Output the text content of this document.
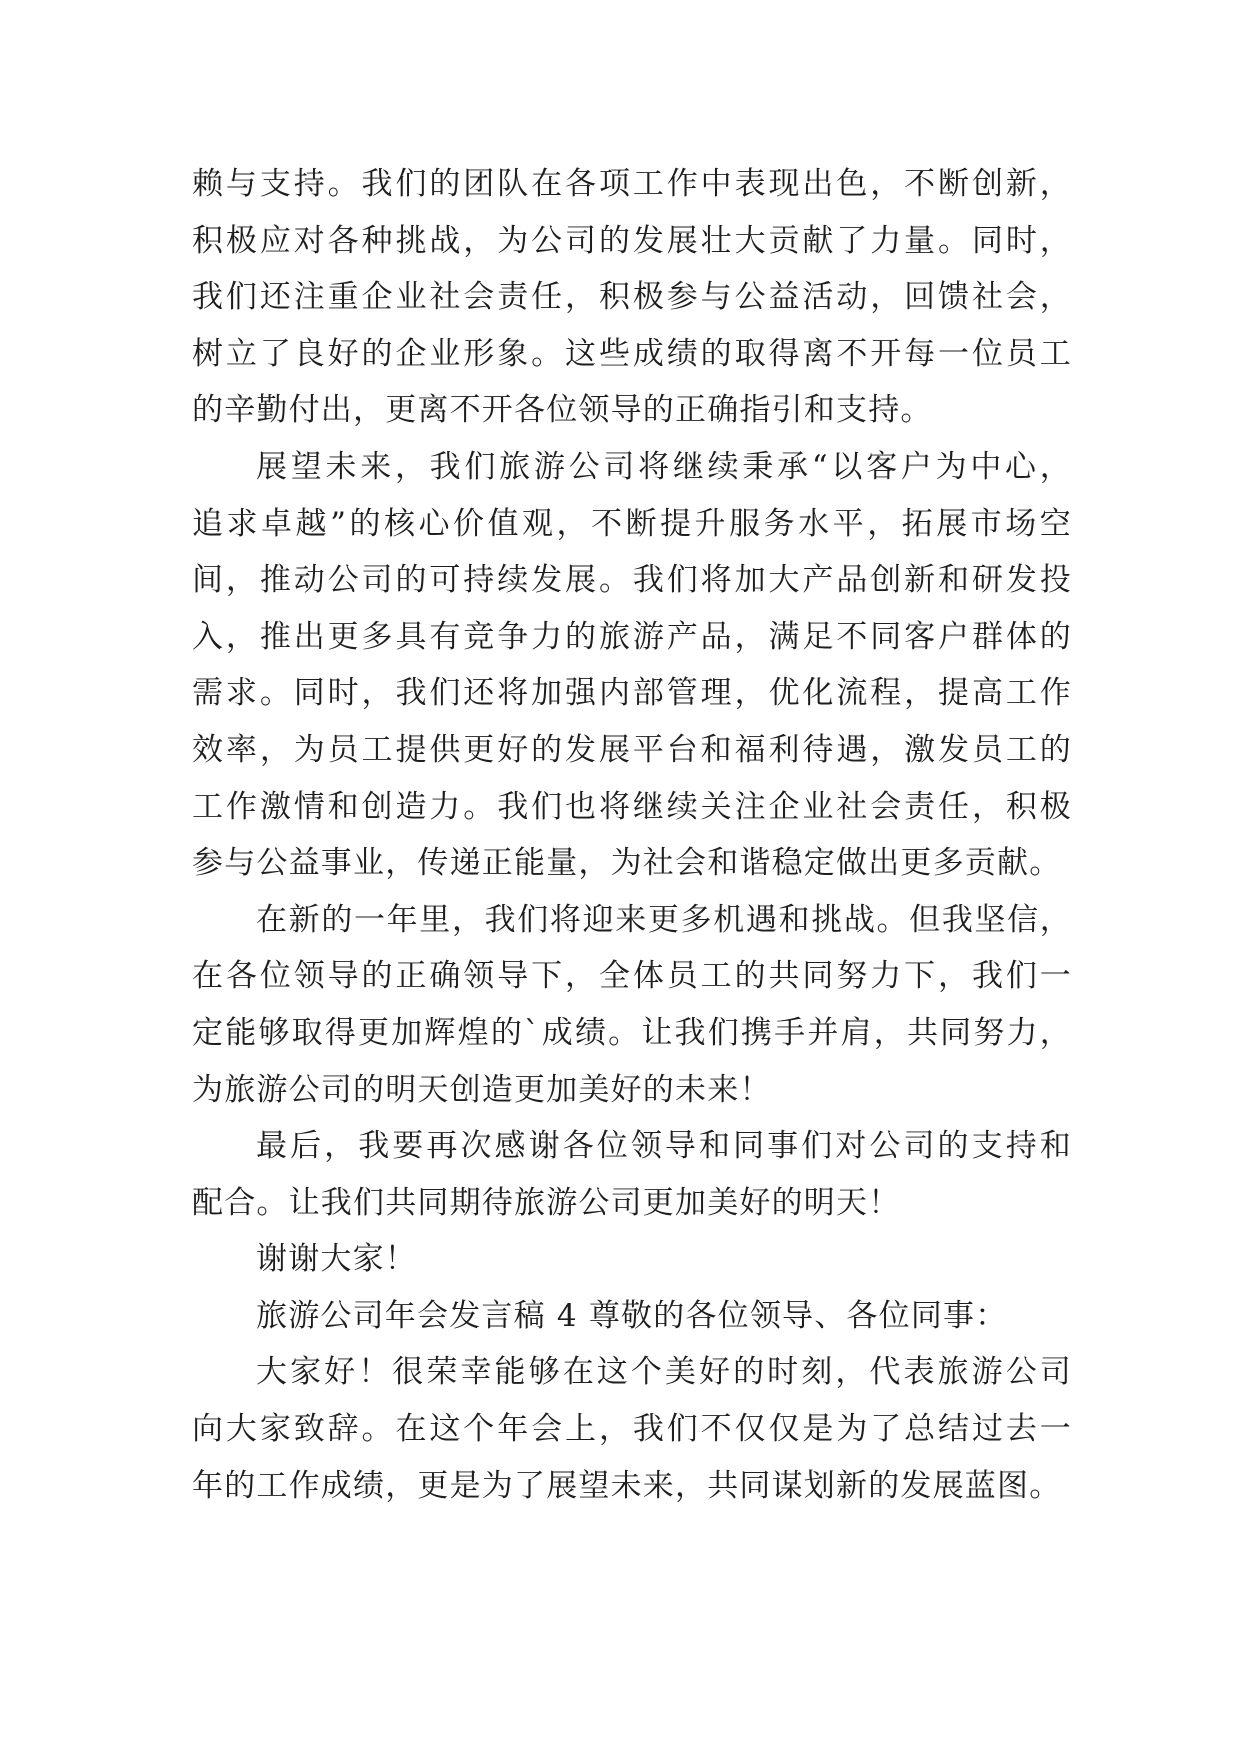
赖与支持。我们的团队在各项工作中表现出色，不断创新，
积极应对各种挑战，为公司的发展壮大贡献了力量。同时，
我们还注重企业社会责任，积极参与公益活动，回馈社会，
树立了良好的企业形象。这些成绩的取得离不开每一位员工
的辛勤付出，更离不开各位领导的正确指引和支持。

展望未来，我们旅游公司将继续秉承“以客户为中心，
追求卓越”的核心价值观，不断提升服务水平，拓展市场空
间，推动公司的可持续发展。我们将加大产品创新和研发投
入，推出更多具有竞争力的旅游产品，满足不同客户群体的
需求。同时，我们还将加强内部管理，优化流程，提高工作
效率，为员工提供更好的发展平台和福利待遇，激发员工的
工作激情和创造力。我们也将继续关注企业社会责任，积极
参与公益事业，传递正能量，为社会和谐稳定做出更多贡献。

在新的一年里，我们将迎来更多机遇和挑战。但我坚信，
在各位领导的正确领导下，全体员工的共同努力下，我们一
定能够取得更加辉煌的`成绩。让我们携手并肩，共同努力，
为旅游公司的明天创造更加美好的未来！

最后，我要再次感谢各位领导和同事们对公司的支持和
配合。让我们共同期待旅游公司更加美好的明天！

谢谢大家！

旅游公司年会发言稿 4 尊敬的各位领导、各位同事：

大家好！很荣幸能够在这个美好的时刻，代表旅游公司
向大家致辞。在这个年会上，我们不仅仅是为了总结过去一
年的工作成绩，更是为了展望未来，共同谋划新的发展蓝图。
